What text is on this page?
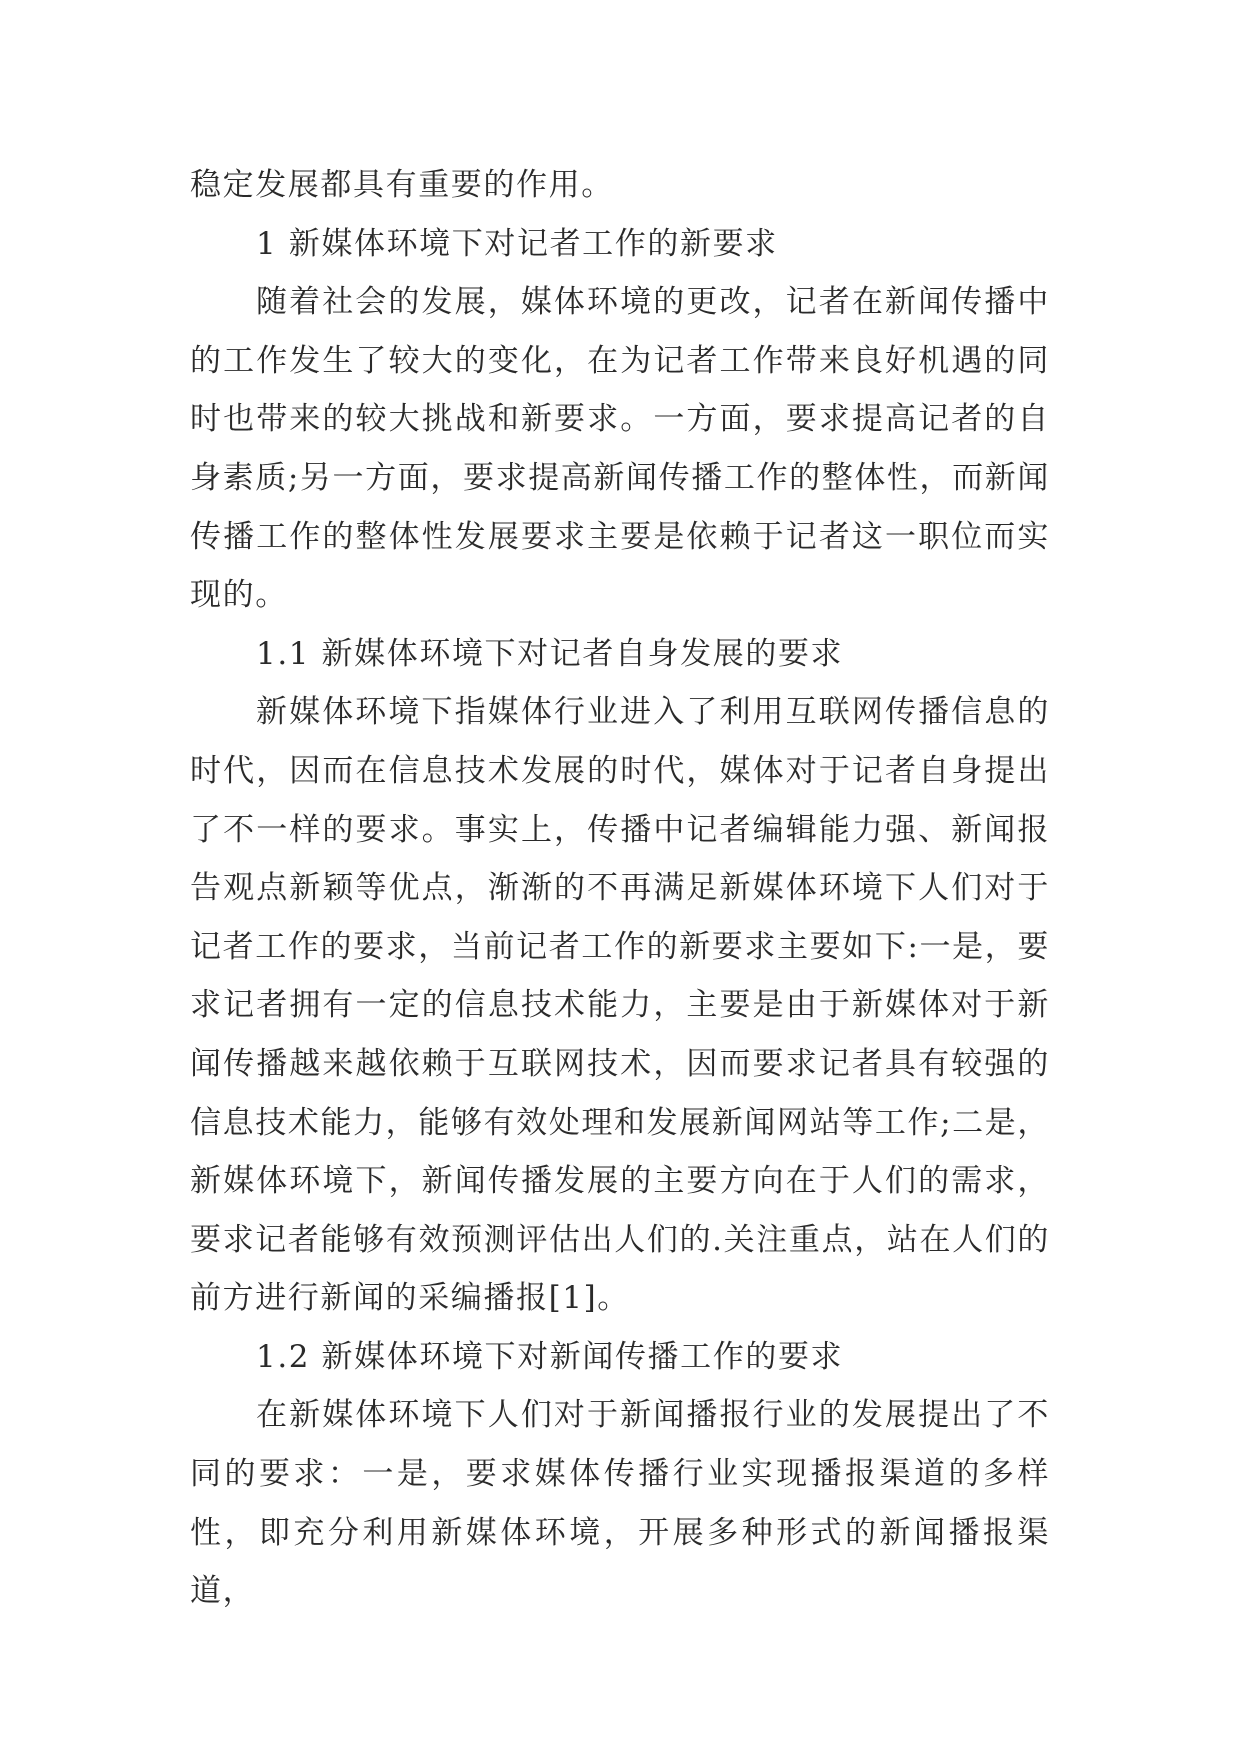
稳定发展都具有重要的作用。

1 新媒体环境下对记者工作的新要求

随着社会的发展，媒体环境的更改，记者在新闻传播中的工作发生了较大的变化，在为记者工作带来良好机遇的同时也带来的较大挑战和新要求。一方面，要求提高记者的自身素质;另一方面，要求提高新闻传播工作的整体性，而新闻传播工作的整体性发展要求主要是依赖于记者这一职位而实现的。

1.1 新媒体环境下对记者自身发展的要求

新媒体环境下指媒体行业进入了利用互联网传播信息的时代，因而在信息技术发展的时代，媒体对于记者自身提出了不一样的要求。事实上，传播中记者编辑能力强、新闻报告观点新颖等优点，渐渐的不再满足新媒体环境下人们对于记者工作的要求，当前记者工作的新要求主要如下:一是，要求记者拥有一定的信息技术能力，主要是由于新媒体对于新闻传播越来越依赖于互联网技术，因而要求记者具有较强的信息技术能力，能够有效处理和发展新闻网站等工作;二是，新媒体环境下，新闻传播发展的主要方向在于人们的需求，要求记者能够有效预测评估出人们的.关注重点，站在人们的前方进行新闻的采编播报[1]。

1.2 新媒体环境下对新闻传播工作的要求

在新媒体环境下人们对于新闻播报行业的发展提出了不同的要求：一是，要求媒体传播行业实现播报渠道的多样性，即充分利用新媒体环境，开展多种形式的新闻播报渠道，
